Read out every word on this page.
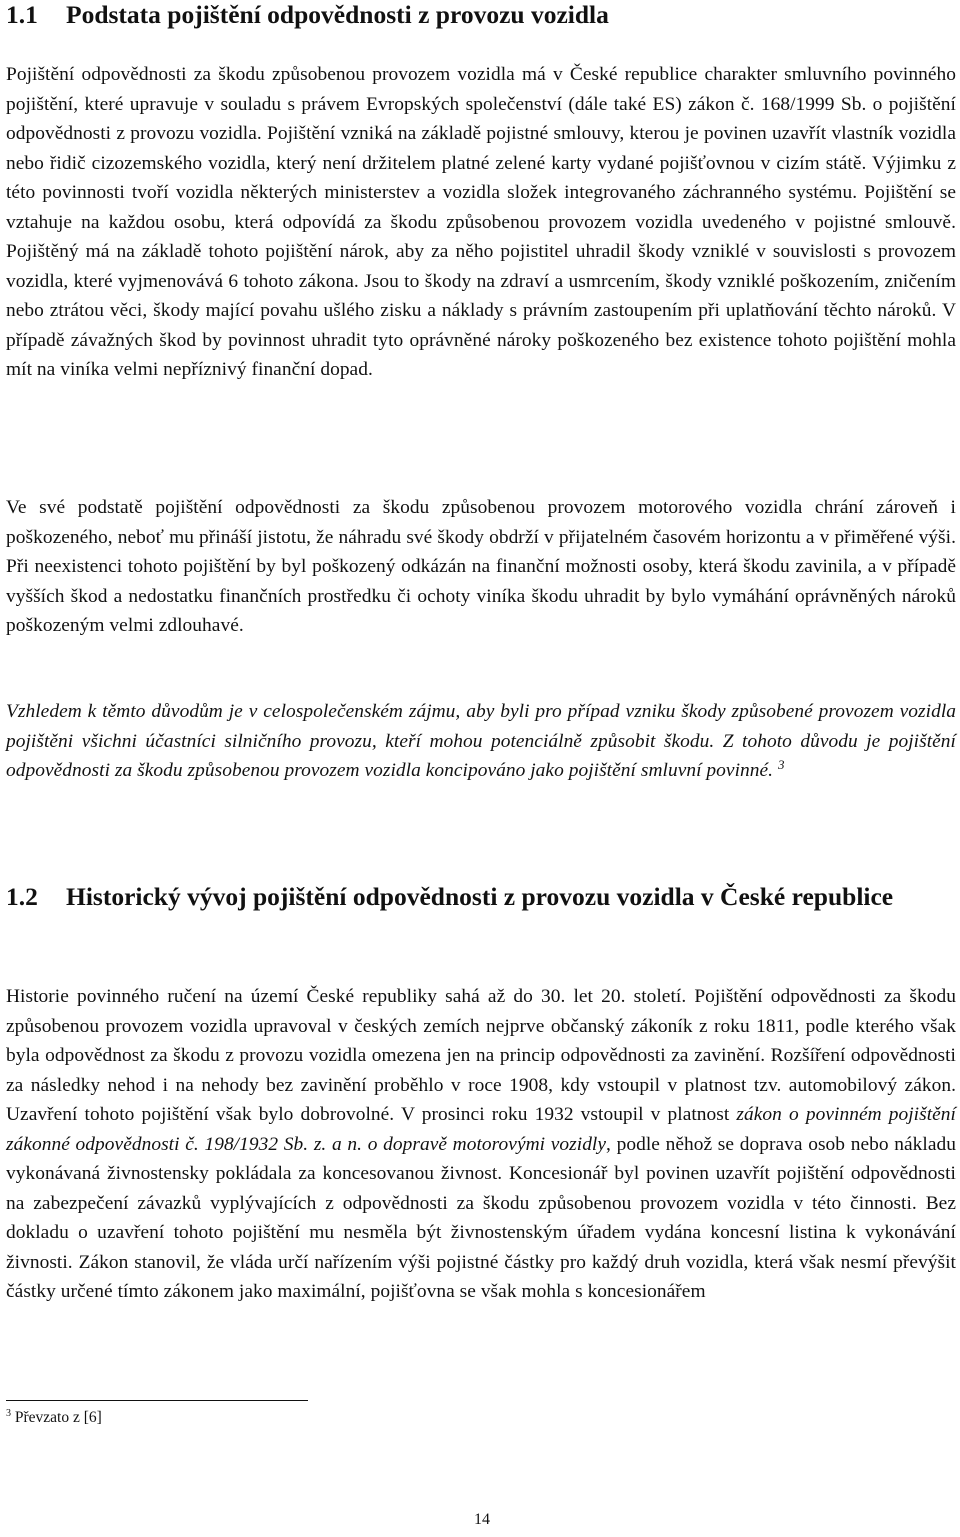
1.1 Podstata pojištění odpovědnosti z provozu vozidla

Pojištění odpovědnosti za škodu způsobenou provozem vozidla má v České republice charakter smluvního povinného pojištění, které upravuje v souladu s právem Evropských společenství (dále také ES) zákon č. 168/1999 Sb. o pojištění odpovědnosti z provozu vozidla. Pojištění vzniká na základě pojistné smlouvy, kterou je povinen uzavřít vlastník vozidla nebo řidič cizozemského vozidla, který není držitelem platné zelené karty vydané pojišťovnou v cizím státě. Výjimku z této povinnosti tvoří vozidla některých ministerstev a vozidla složek integrovaného záchranného systému. Pojištění se vztahuje na každou osobu, která odpovídá za škodu způsobenou provozem vozidla uvedeného v pojistné smlouvě. Pojištěný má na základě tohoto pojištění nárok, aby za něho pojistitel uhradil škody vzniklé v souvislosti s provozem vozidla, které vyjmenovává 6 tohoto zákona. Jsou to škody na zdraví a usmrcením, škody vzniklé poškozením, zničením nebo ztrátou věci, škody mající povahu ušlého zisku a náklady s právním zastoupením při uplatňování těchto nároků. V případě závažných škod by povinnost uhradit tyto oprávněné nároky poškozeného bez existence tohoto pojištění mohla mít na viníka velmi nepříznivý finanční dopad.

Ve své podstatě pojištění odpovědnosti za škodu způsobenou provozem motorového vozidla chrání zároveň i poškozeného, neboť mu přináší jistotu, že náhradu své škody obdrží v přijatelném časovém horizontu a v přiměřené výši. Při neexistenci tohoto pojištění by byl poškozený odkázán na finanční možnosti osoby, která škodu zavinila, a v případě vyšších škod a nedostatku finančních prostředku či ochoty viníka škodu uhradit by bylo vymáhání oprávněných nároků poškozeným velmi zdlouhavé.

Vzhledem k těmto důvodům je v celospolečenském zájmu, aby byli pro případ vzniku škody způsobené provozem vozidla pojištěni všichni účastníci silničního provozu, kteří mohou potenciálně způsobit škodu. Z tohoto důvodu je pojištění odpovědnosti za škodu způsobenou provozem vozidla koncipováno jako pojištění smluvní povinné. $^3$

1.2 Historický vývoj pojištění odpovědnosti z provozu vozidla v České republice

Historie povinného ručení na území České republiky sahá až do 30. let 20. století. Pojištění odpovědnosti za škodu způsobenou provozem vozidla upravoval v českých zemích nejprve občanský zákoník z roku 1811, podle kterého však byla odpovědnost za škodu z provozu vozidla omezena jen na princip odpovědnosti za zavinění. Rozšíření odpovědnosti za následky nehod i na nehody bez zavinění proběhlo v roce 1908, kdy vstoupil v platnost tzv. automobilový zákon. Uzavření tohoto pojištění však bylo dobrovolné. V prosinci roku 1932 vstoupil v platnost zákon o povinném pojištění zákonné odpovědnosti č. 198/1932 Sb. z. a n. o dopravě motorovými vozidly, podle něhož se doprava osob nebo nákladu vykonávaná živnostensky pokládala za koncesovanou živnost. Koncesionář byl povinen uzavřít pojištění odpovědnosti na zabezpečení závazků vyplývajících z odpovědnosti za škodu způsobenou provozem vozidla v této činnosti. Bez dokladu o uzavření tohoto pojištění mu nesměla být živnostenským úřadem vydána koncesní listina k vykonávání živnosti. Zákon stanovil, že vláda určí nařízením výši pojistné částky pro každý druh vozidla, která však nesmí převýšit částky určené tímto zákonem jako maximální, pojišťovna se však mohla s koncesionářem

$^3$ Převzato z [6]
14
